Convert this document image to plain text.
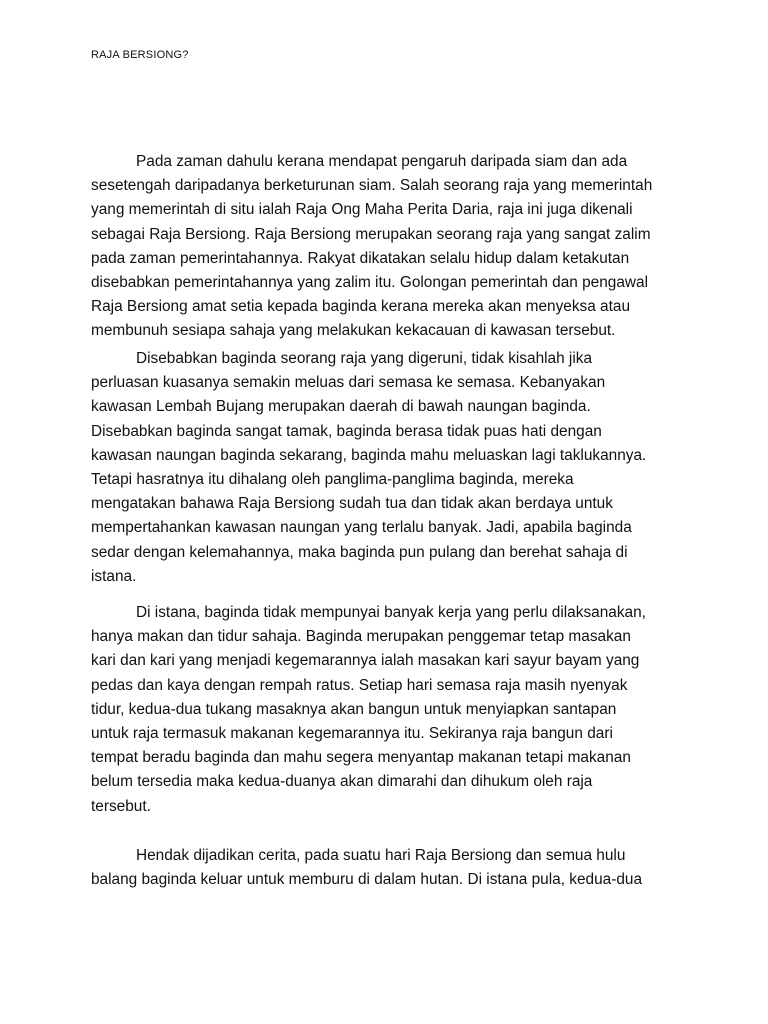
RAJA BERSIONG?
Pada zaman dahulu kerana mendapat pengaruh daripada siam dan ada
sesetengah daripadanya berketurunan siam. Salah seorang raja yang memerintah
yang memerintah di situ ialah Raja Ong Maha Perita Daria, raja ini juga dikenali
sebagai Raja Bersiong. Raja Bersiong merupakan seorang raja yang sangat zalim
pada zaman pemerintahannya. Rakyat dikatakan selalu hidup dalam ketakutan
disebabkan pemerintahannya yang zalim itu. Golongan pemerintah dan pengawal
Raja Bersiong amat setia kepada baginda kerana mereka akan menyeksa atau
membunuh sesiapa sahaja yang melakukan kekacauan di kawasan tersebut.
Disebabkan baginda seorang raja yang digeruni, tidak kisahlah jika
perluasan kuasanya semakin meluas dari semasa ke semasa. Kebanyakan
kawasan Lembah Bujang merupakan daerah di bawah naungan baginda.
Disebabkan baginda sangat tamak, baginda berasa tidak puas hati dengan
kawasan naungan baginda sekarang, baginda mahu meluaskan lagi taklukannya.
Tetapi hasratnya itu dihalang oleh panglima-panglima baginda, mereka
mengatakan bahawa Raja Bersiong sudah tua dan tidak akan berdaya untuk
mempertahankan kawasan naungan yang terlalu banyak. Jadi, apabila baginda
sedar dengan kelemahannya, maka baginda pun pulang dan berehat sahaja di
istana.
Di istana, baginda tidak mempunyai banyak kerja yang perlu dilaksanakan,
hanya makan dan tidur sahaja. Baginda merupakan penggemar tetap masakan
kari dan kari yang menjadi kegemarannya ialah masakan kari sayur bayam yang
pedas dan kaya dengan rempah ratus. Setiap hari semasa raja masih nyenyak
tidur, kedua-dua tukang masaknya akan bangun untuk menyiapkan santapan
untuk raja termasuk makanan kegemarannya itu. Sekiranya raja bangun dari
tempat beradu baginda dan mahu segera menyantap makanan tetapi makanan
belum tersedia maka kedua-duanya akan dimarahi dan dihukum oleh raja
tersebut.
Hendak dijadikan cerita, pada suatu hari Raja Bersiong dan semua hulu
balang baginda keluar untuk memburu di dalam hutan. Di istana pula, kedua-dua
